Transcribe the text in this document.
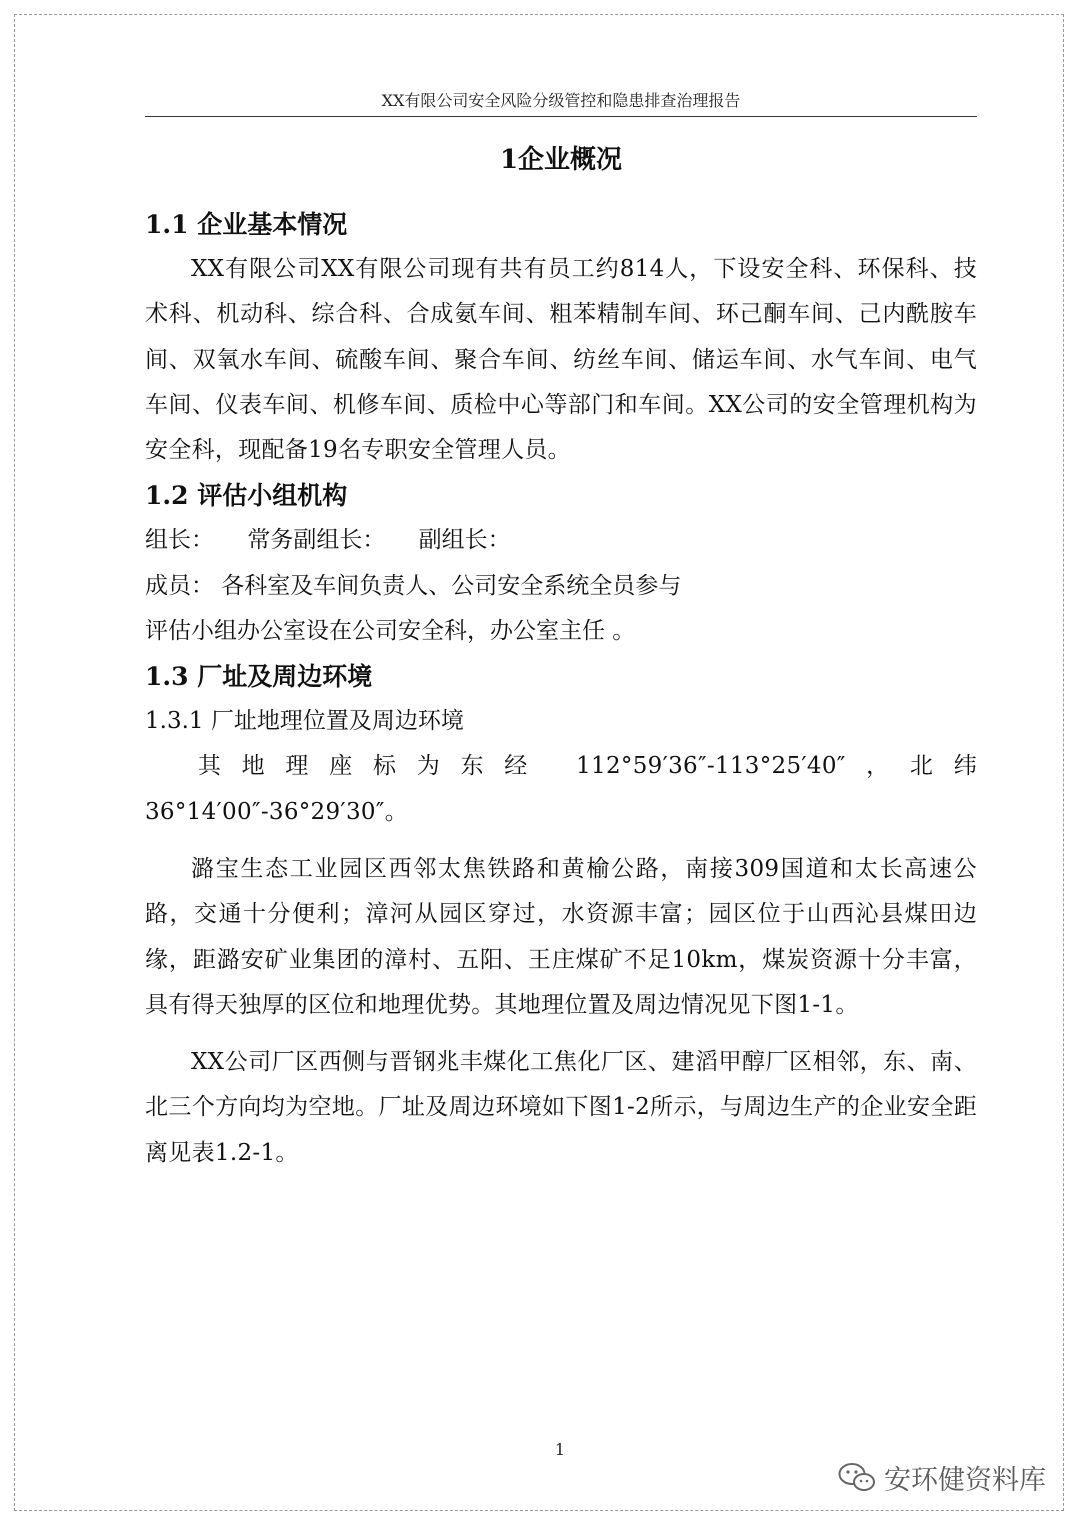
XX有限公司安全风险分级管控和隐患排查治理报告
1企业概况
1.1 企业基本情况

XX有限公司XX有限公司现有共有员工约814人，下设安全科、环保科、技术科、机动科、综合科、合成氨车间、粗苯精制车间、环己酮车间、己内酰胺车间、双氧水车间、硫酸车间、聚合车间、纺丝车间、储运车间、水气车间、电气车间、仪表车间、机修车间、质检中心等部门和车间。XX公司的安全管理机构为安全科，现配备19名专职安全管理人员。

1.2 评估小组机构
组长： 常务副组长： 副组长：
成员： 各科室及车间负责人、公司安全系统全员参与
评估小组办公室设在公司安全科，办公室主任 。
1.3 厂址及周边环境
1.3.1 厂址地理位置及周边环境

其地理座标为东经 112°59′36″-113°25′40″，北纬 36°14′00″-36°29′30″。

潞宝生态工业园区西邻太焦铁路和黄榆公路，南接309国道和太长高速公路，交通十分便利；漳河从园区穿过，水资源丰富；园区位于山西沁县煤田边缘，距潞安矿业集团的漳村、五阳、王庄煤矿不足10km，煤炭资源十分丰富，具有得天独厚的区位和地理优势。其地理位置及周边情况见下图1-1。

XX公司厂区西侧与晋钢兆丰煤化工焦化厂区、建滔甲醇厂区相邻，东、南、北三个方向均为空地。厂址及周边环境如下图1-2所示，与周边生产的企业安全距离见表1.2-1。

1
安环健资料库
